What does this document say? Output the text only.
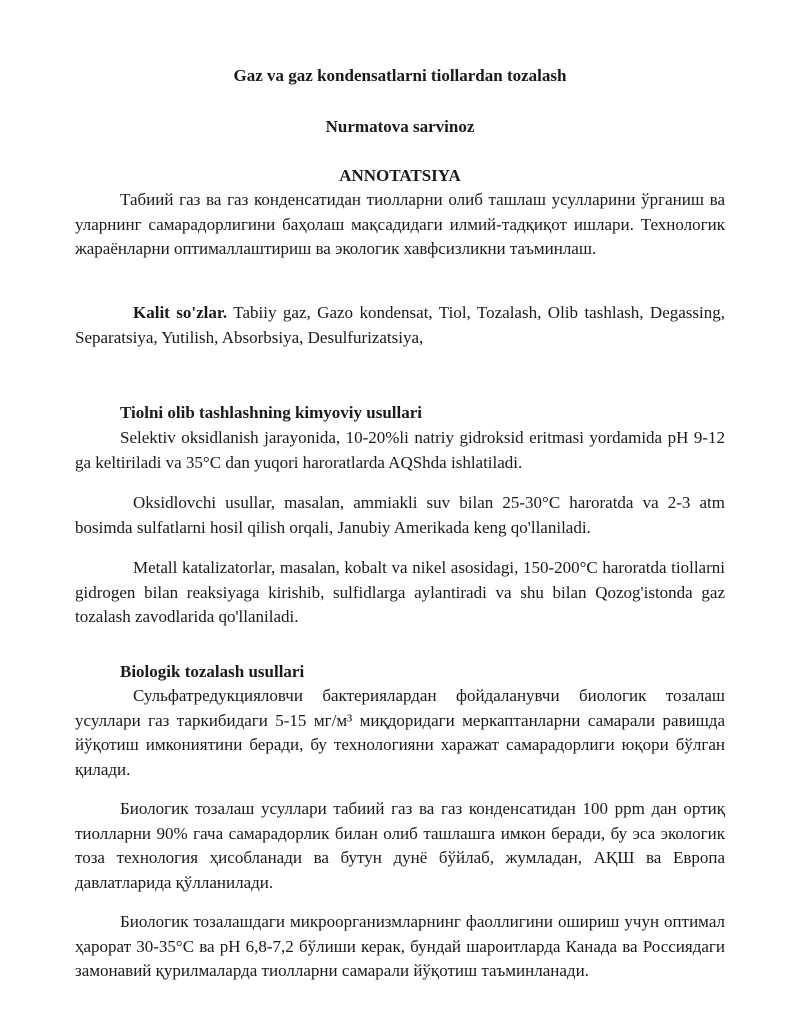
Gaz va gaz kondensatlarni tiollardan tozalash

Nurmatova sarvinoz

ANNOTATSIYA

Табиий газ ва газ конденсатидан тиолларни олиб ташлаш усулларини ўрганиш ва уларнинг самарадорлигини баҳолаш мақсадидаги илмий-тадқиқот ишлари. Технологик жараёнларни оптималлаштириш ва экологик хавфсизликни таъминлаш.

Kalit so'zlar. Tabiiy gaz, Gazo kondensat, Tiol, Tozalash, Olib tashlash, Degassing, Separatsiya, Yutilish, Absorbsiya, Desulfurizatsiya,

Tiolni olib tashlashning kimyoviy usullari

Selektiv oksidlanish jarayonida, 10-20%li natriy gidroksid eritmasi yordamida pH 9-12 ga keltiriladi va 35°C dan yuqori haroratlarda AQShda ishlatiladi.

Oksidlovchi usullar, masalan, ammiakli suv bilan 25-30°C haroratda va 2-3 atm bosimda sulfatlarni hosil qilish orqali, Janubiy Amerikada keng qo'llaniladi.

Metall katalizatorlar, masalan, kobalt va nikel asosidagi, 150-200°C haroratda tiollarni gidrogen bilan reaksiyaga kirishib, sulfidlarga aylantiradi va shu bilan Qozog'istonda gaz tozalash zavodlarida qo'llaniladi.

Biologik tozalash usullari

Сульфатредукцияловчи бактериялардан фойдаланувчи биологик тозалаш усуллари газ таркибидаги 5-15 мг/м³ миқдоридаги меркаптанларни самарали равишда йўқотиш имкониятини беради, бу технологияни харажат самарадорлиги юқори бўлган қилади.

Биологик тозалаш усуллари табиий газ ва газ конденсатидан 100 ppm дан ортиқ тиолларни 90% гача самарадорлик билан олиб ташлашга имкон беради, бу эса экологик тоза технология ҳисобланади ва бутун дунё бўйлаб, жумладан, АҚШ ва Европа давлатларида қўлланилади.

Биологик тозалашдаги микроорганизмларнинг фаоллигини ошириш учун оптимал ҳарорат 30-35°C ва pH 6,8-7,2 бўлиши керак, бундай шароитларда Канада ва Россиядаги замонавий қурилмаларда тиолларни самарали йўқотиш таъминланади.
